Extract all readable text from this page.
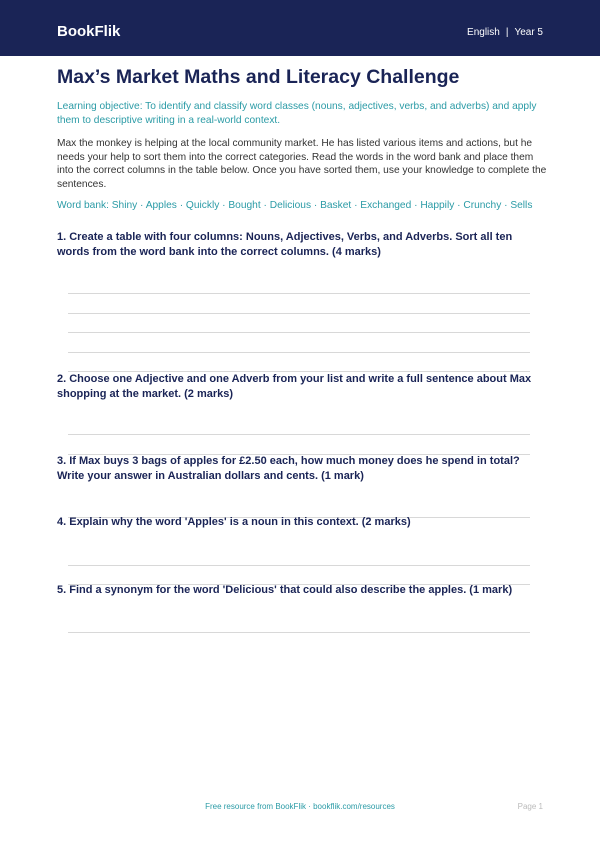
BookFlik	English | Year 5
Max’s Market Maths and Literacy Challenge
Learning objective: To identify and classify word classes (nouns, adjectives, verbs, and adverbs) and apply them to descriptive writing in a real-world context.
Max the monkey is helping at the local community market. He has listed various items and actions, but he needs your help to sort them into the correct categories. Read the words in the word bank and place them into the correct columns in the table below. Once you have sorted them, use your knowledge to complete the sentences.
Word bank: Shiny · Apples · Quickly · Bought · Delicious · Basket · Exchanged · Happily · Crunchy · Sells
1. Create a table with four columns: Nouns, Adjectives, Verbs, and Adverbs. Sort all ten words from the word bank into the correct columns. (4 marks)
2. Choose one Adjective and one Adverb from your list and write a full sentence about Max shopping at the market. (2 marks)
3. If Max buys 3 bags of apples for £2.50 each, how much money does he spend in total? Write your answer in Australian dollars and cents. (1 mark)
4. Explain why the word 'Apples' is a noun in this context. (2 marks)
5. Find a synonym for the word 'Delicious' that could also describe the apples. (1 mark)
Free resource from BookFlik · bookflik.com/resources	Page 1
